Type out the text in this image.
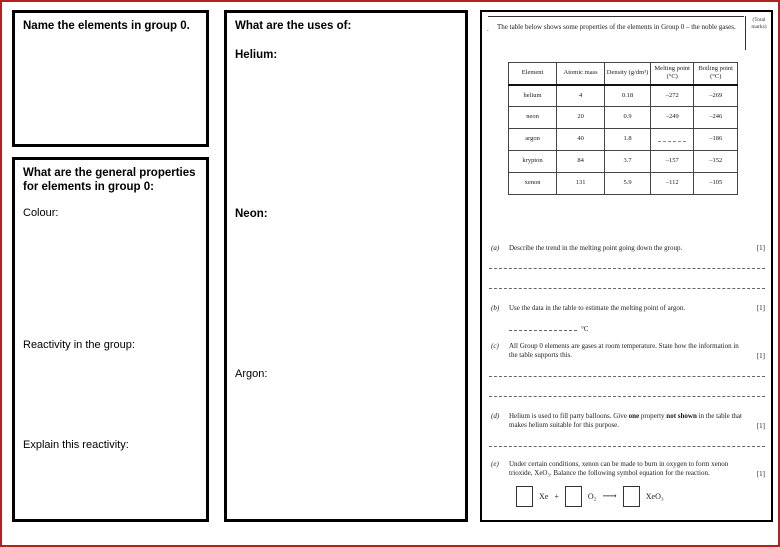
Name the elements in group 0.
What are the general properties for elements in group 0:
Colour:
Reactivity in the group:
Explain this reactivity:
What are the uses of:
Helium:
Neon:
Argon:
(Total
marks)
. The table below shows some properties of the elements in Group 0 – the noble gases.
Element	Atomic mass	Density (g/dm³)	Melting point (°C)	Boiling point (°C)
helium	4	0.18	–272	–269
neon	20	0.9	–249	–246
argon	40	1.8		–186
krypton	84	3.7	–157	–152
xenon	131	5.9	–112	–105
(a) Describe the trend in the melting point going down the group.	[1]
(b) Use the data in the table to estimate the melting point of argon.	[1]
°C
(c) All Group 0 elements are gases at room temperature. State how the information in the table supports this.	[1]
(d) Helium is used to fill party balloons. Give one property not shown in the table that makes helium suitable for this purpose.	[1]
(e) Under certain conditions, xenon can be made to burn in oxygen to form xenon trioxide, XeO₃. Balance the following symbol equation for the reaction.	[1]
Xe +	O₂ ⟶	XeO₃
